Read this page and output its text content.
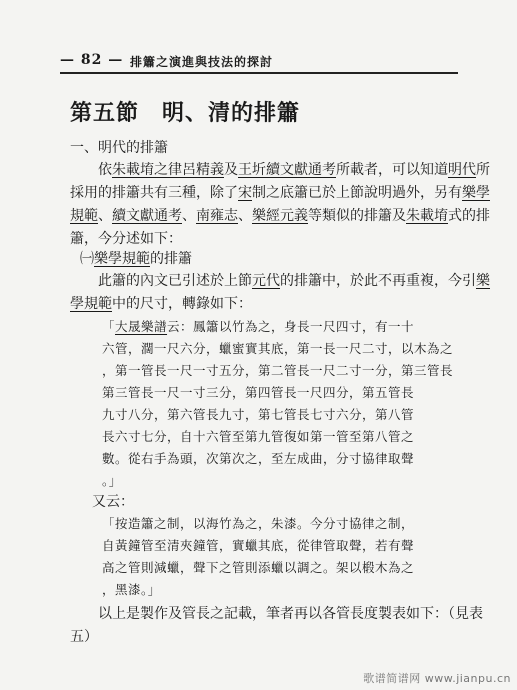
— 82 — 排簫之演進與技法的探討
第五節　明、清的排簫
一、明代的排簫
　　依朱載堉之律呂精義及王圻續文獻通考所載者，可以知道明代所
採用的排簫共有三種，除了宋制之底簫已於上節說明過外，另有樂學
規範、續文獻通考、南雍志、樂經元義等類似的排簫及朱載堉式的排
簫，今分述如下：
㈠樂學規範的排簫
　　此簫的內文已引述於上節元代的排簫中，於此不再重複，今引樂
學規範中的尺寸，轉錄如下：
「大晟樂譜云：鳳簫以竹為之，身長一尺四寸，有一十
六管，濶一尺六分，蠟蜜實其底，第一長一尺二寸，以木為之
，第一管長一尺一寸五分，第二管長一尺二寸一分，第三管長
第三管長一尺一寸三分，第四管長一尺四分，第五管長
九寸八分，第六管長九寸，第七管長七寸六分，第八管
長六寸七分，自十六管至第九管復如第一管至第八管之
數。從右手為頭，次第次之，至左成曲，分寸協律取聲
。」
又云：
「按造簫之制，以海竹為之，朱漆。今分寸協律之制，
自黃鐘管至清夾鐘管，實蠟其底，從律管取聲，若有聲
高之管則減蠟，聲下之管則添蠟以調之。架以椴木為之
，黑漆。」
　　以上是製作及管長之記載，筆者再以各管長度製表如下：（見表
五）
歌谱简谱网 www.jianpu.cn
